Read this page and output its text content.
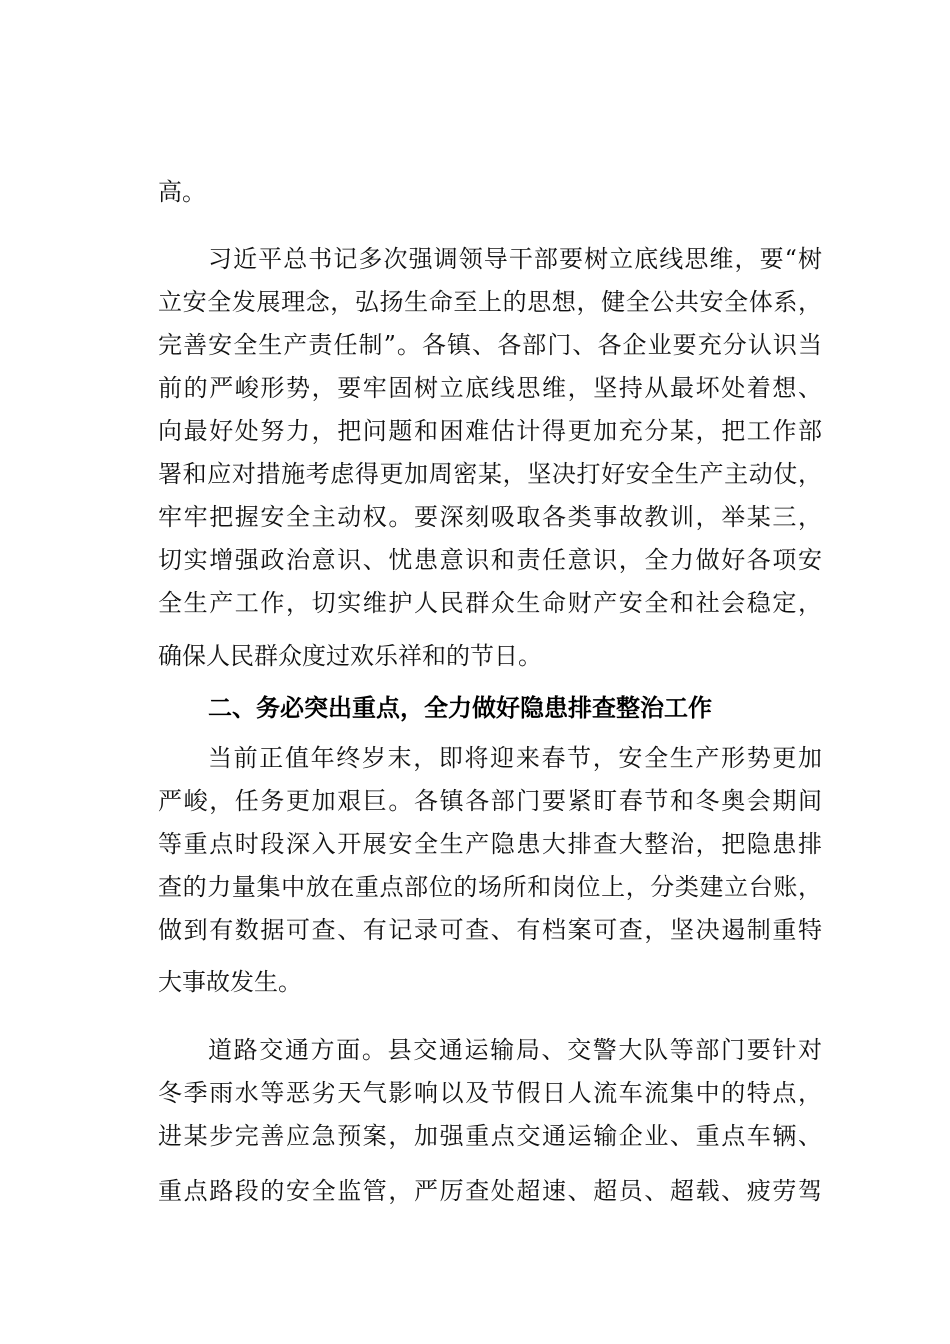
高。
习近平总书记多次强调领导干部要树立底线思维，要“树
立安全发展理念，弘扬生命至上的思想，健全公共安全体系，
完善安全生产责任制”。各镇、各部门、各企业要充分认识当
前的严峻形势，要牢固树立底线思维，坚持从最坏处着想、
向最好处努力，把问题和困难估计得更加充分某，把工作部
署和应对措施考虑得更加周密某，坚决打好安全生产主动仗，
牢牢把握安全主动权。要深刻吸取各类事故教训，举某三，
切实增强政治意识、忧患意识和责任意识，全力做好各项安
全生产工作，切实维护人民群众生命财产安全和社会稳定，
确保人民群众度过欢乐祥和的节日。
二、务必突出重点，全力做好隐患排查整治工作
当前正值年终岁末，即将迎来春节，安全生产形势更加
严峻，任务更加艰巨。各镇各部门要紧盯春节和冬奥会期间
等重点时段深入开展安全生产隐患大排查大整治，把隐患排
查的力量集中放在重点部位的场所和岗位上，分类建立台账，
做到有数据可查、有记录可查、有档案可查，坚决遏制重特
大事故发生。
道路交通方面。县交通运输局、交警大队等部门要针对
冬季雨水等恶劣天气影响以及节假日人流车流集中的特点，
进某步完善应急预案，加强重点交通运输企业、重点车辆、
重点路段的安全监管，严厉查处超速、超员、超载、疲劳驾
